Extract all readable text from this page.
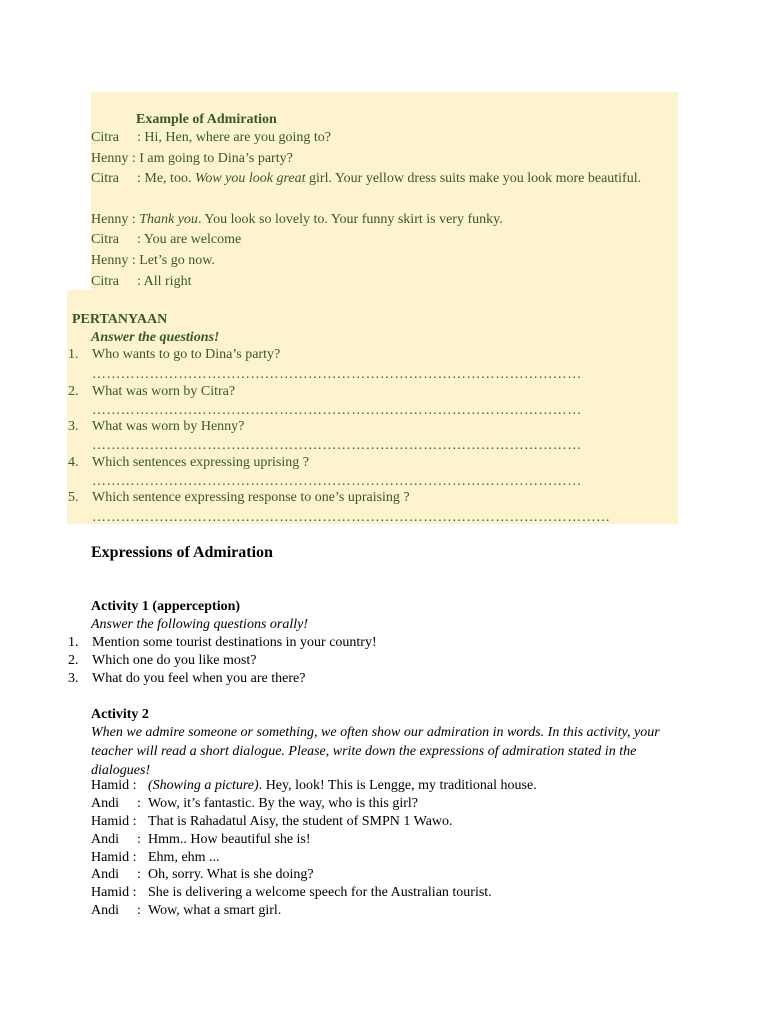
Example of Admiration
Citra : Hi, Hen, where are you going to?
Henny : I am going to Dina’s party?
Citra : Me, too. Wow you look great girl. Your yellow dress suits make you look more beautiful.
Henny : Thank you. You look so lovely to. Your funny skirt is very funky.
Citra : You are welcome
Henny : Let’s go now.
Citra : All right
PERTANYAAN
Answer the questions!
1. Who wants to go to Dina’s party?
…………………………………………………………………………………………
2. What was worn by Citra?
…………………………………………………………………………………………
3. What was worn by Henny?
…………………………………………………………………………………………
4. Which sentences expressing uprising ?
…………………………………………………………………………………………
5. Which sentence expressing response to one’s upraising ?
………………………………………………………………………………………………
Expressions of Admiration
Activity 1 (apperception)
Answer the following questions orally!
1. Mention some tourist destinations in your country!
2. Which one do you like most?
3. What do you feel when you are there?
Activity 2
When we admire someone or something, we often show our admiration in words. In this activity, your teacher will read a short dialogue. Please, write down the expressions of admiration stated in the dialogues!
Hamid : (Showing a picture). Hey, look! This is Lengge, my traditional house.
Andi : Wow, it’s fantastic. By the way, who is this girl?
Hamid : That is Rahadatul Aisy, the student of SMPN 1 Wawo.
Andi : Hmm.. How beautiful she is!
Hamid : Ehm, ehm ...
Andi : Oh, sorry. What is she doing?
Hamid : She is delivering a welcome speech for the Australian tourist.
Andi : Wow, what a smart girl.
